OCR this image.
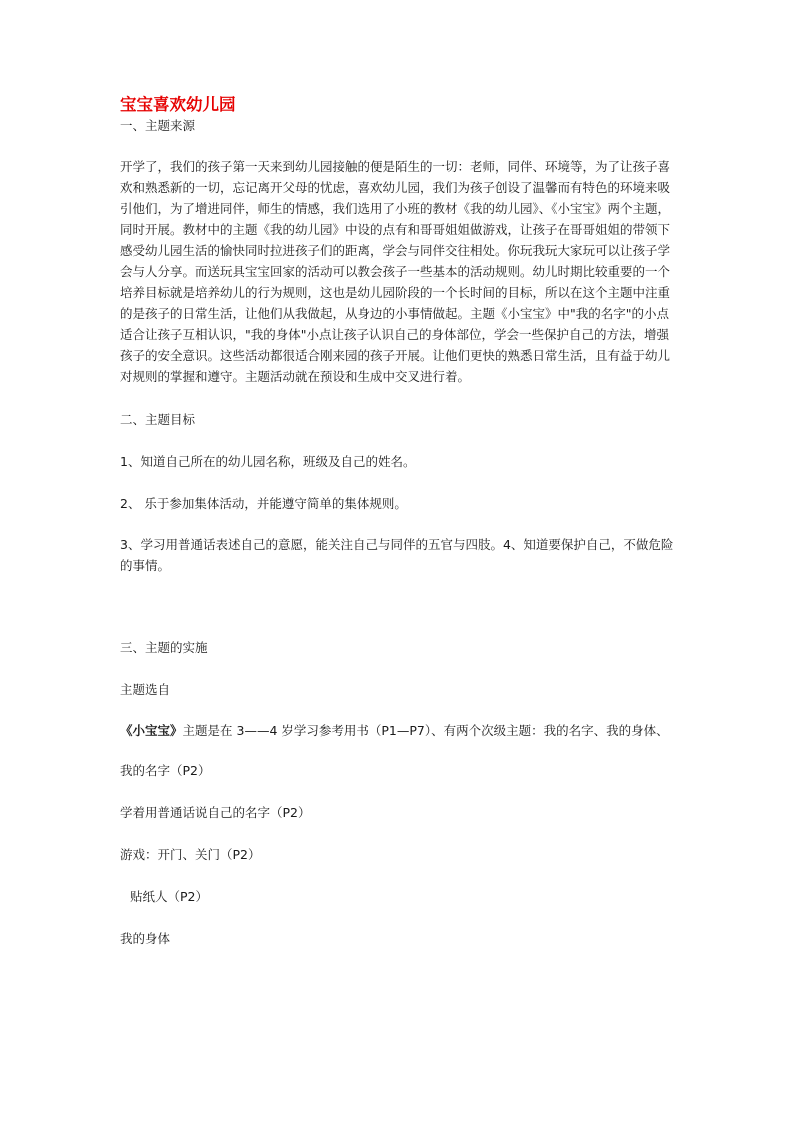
宝宝喜欢幼儿园

一、主题来源

开学了，我们的孩子第一天来到幼儿园接触的便是陌生的一切：老师，同伴、环境等，为了让孩子喜欢和熟悉新的一切，忘记离开父母的忧虑，喜欢幼儿园，我们为孩子创设了温馨而有特色的环境来吸引他们，为了增进同伴，师生的情感，我们选用了小班的教材《我的幼儿园》、《小宝宝》两个主题，同时开展。教材中的主题《我的幼儿园》中设的点有和哥哥姐姐做游戏，让孩子在哥哥姐姐的带领下感受幼儿园生活的愉快同时拉进孩子们的距离，学会与同伴交往相处。你玩我玩大家玩可以让孩子学会与人分享。而送玩具宝宝回家的活动可以教会孩子一些基本的活动规则。幼儿时期比较重要的一个培养目标就是培养幼儿的行为规则，这也是幼儿园阶段的一个长时间的目标，所以在这个主题中注重的是孩子的日常生活，让他们从我做起，从身边的小事情做起。主题《小宝宝》中"我的名字"的小点适合让孩子互相认识，"我的身体"小点让孩子认识自己的身体部位，学会一些保护自己的方法，增强孩子的安全意识。这些活动都很适合刚来园的孩子开展。让他们更快的熟悉日常生活，且有益于幼儿对规则的掌握和遵守。主题活动就在预设和生成中交叉进行着。

二、主题目标

1、知道自己所在的幼儿园名称，班级及自己的姓名。

2、 乐于参加集体活动，并能遵守简单的集体规则。

3、学习用普通话表述自己的意愿，能关注自己与同伴的五官与四肢。4、知道要保护自己，不做危险的事情。

三、主题的实施

主题选自

《小宝宝》主题是在 3——4 岁学习参考用书（P1—P7）、有两个次级主题：我的名字、我的身体、

我的名字（P2）

学着用普通话说自己的名字（P2）

游戏：开门、关门（P2）

贴纸人（P2）

我的身体
